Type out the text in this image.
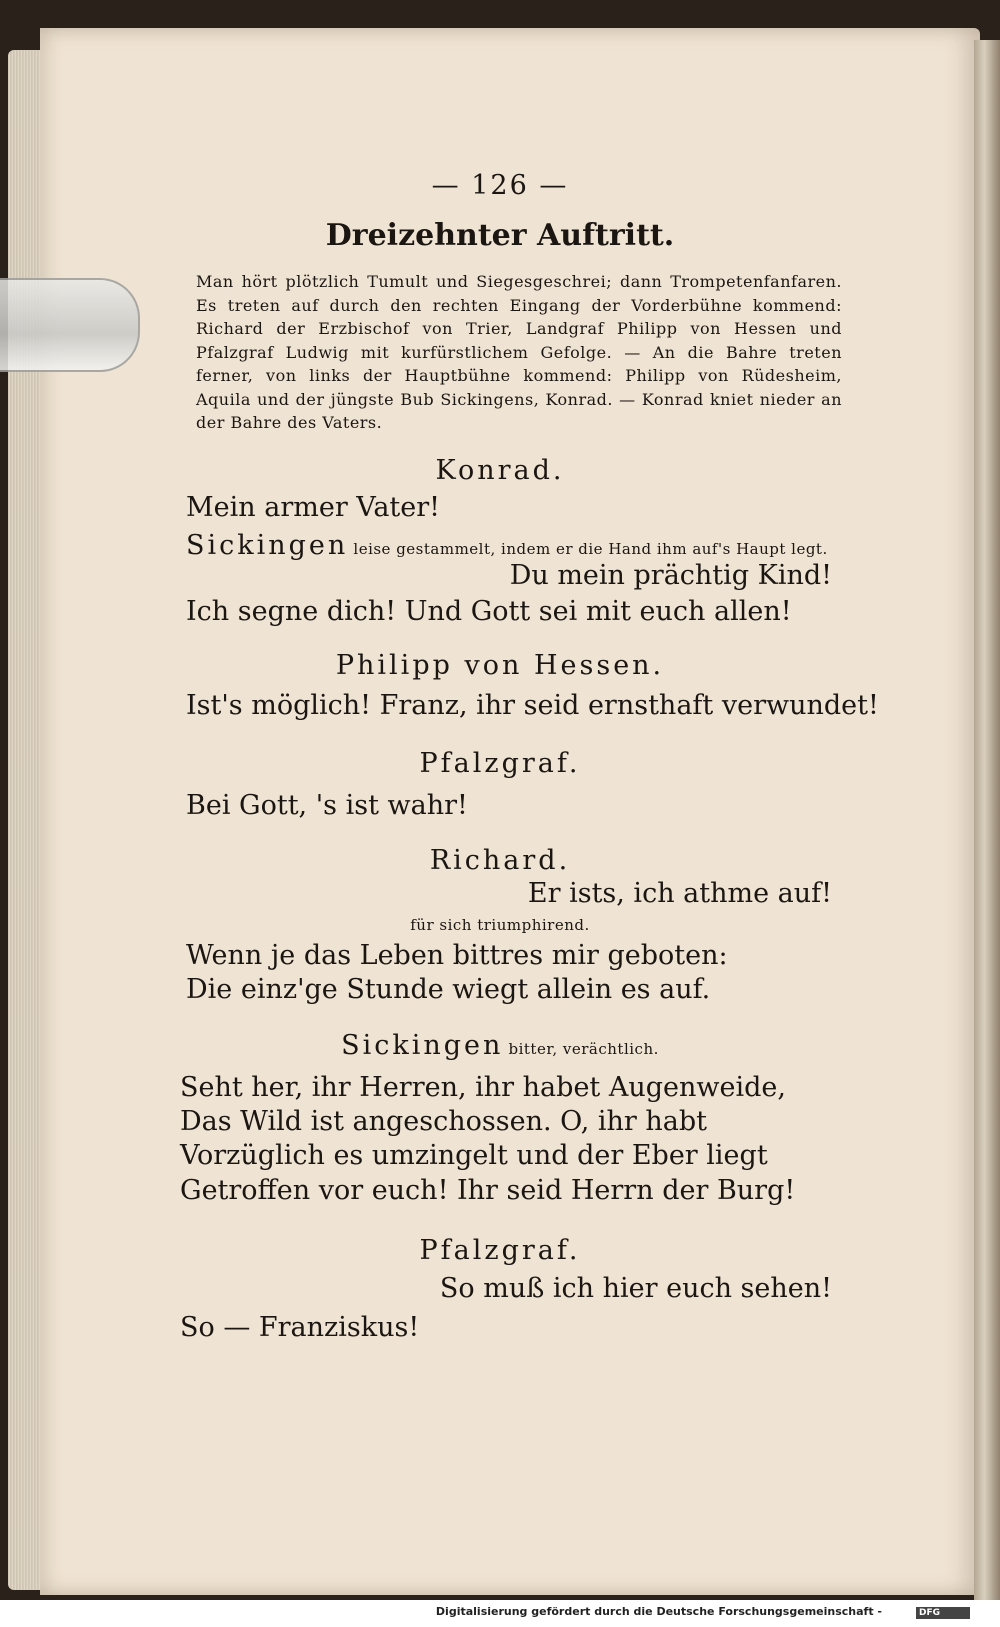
— 126 —
Dreizehnter Auftritt.
Man hört plötzlich Tumult und Siegesgeschrei; dann Trompetenfanfaren. Es treten auf durch den rechten Eingang der Vorderbühne kommend: Richard der Erzbischof von Trier, Landgraf Philipp von Hessen und Pfalzgraf Ludwig mit kurfürstlichem Gefolge. — An die Bahre treten ferner, von links der Hauptbühne kommend: Philipp von Rüdesheim, Aquila und der jüngste Bub Sickingens, Konrad. — Konrad kniet nieder an der Bahre des Vaters.
Konrad.
Mein armer Vater!
Sickingen leise gestammelt, indem er die Hand ihm auf's Haupt legt.
Du mein prächtig Kind!
Ich segne dich! Und Gott sei mit euch allen!
Philipp von Hessen.
Ist's möglich! Franz, ihr seid ernsthaft verwundet!
Pfalzgraf.
Bei Gott, 's ist wahr!
Richard.
Er ists, ich athme auf!
für sich triumphirend.
Wenn je das Leben bittres mir geboten:
Die einz'ge Stunde wiegt allein es auf.
Sickingen bitter, verächtlich.
Seht her, ihr Herren, ihr habet Augenweide,
Das Wild ist angeschossen. O, ihr habt
Vorzüglich es umzingelt und der Eber liegt
Getroffen vor euch! Ihr seid Herrn der Burg!
Pfalzgraf.
So muß ich hier euch sehen!
So — Franziskus!
Digitalisierung gefördert durch die Deutsche Forschungsgemeinschaft -	DFG
